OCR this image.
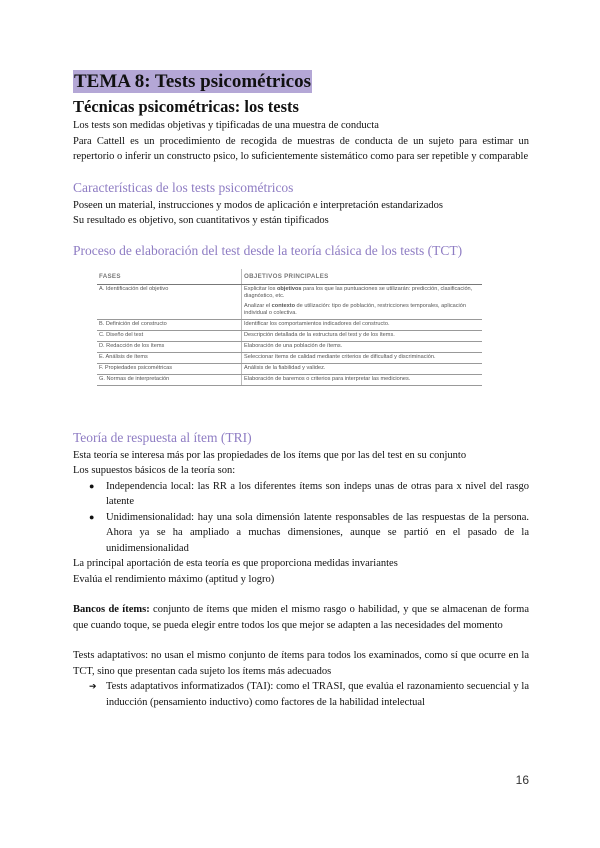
TEMA 8: Tests psicométricos
Técnicas psicométricas: los tests

Los tests son medidas objetivas y tipificadas de una muestra de conducta

Para Cattell es un procedimiento de recogida de muestras de conducta de un sujeto para estimar un repertorio o inferir un constructo psico, lo suficientemente sistemático como para ser repetible y comparable

Características de los tests psicométricos

Poseen un material, instrucciones y modos de aplicación e interpretación estandarizados

Su resultado es objetivo, son cuantitativos y están tipificados

Proceso de elaboración del test desde la teoría clásica de los tests (TCT)
FASES	OBJETIVOS PRINCIPALES
A. Identificación del objetivo	Explicitar los objetivos para los que las puntuaciones se utilizarán: predicción, clasificación, diagnóstico, etc.
Analizar el contexto de utilización: tipo de población, restricciones temporales, aplicación individual o colectiva.

B. Definición del constructo	Identificar los comportamientos indicadores del constructo.

C. Diseño del test	Descripción detallada de la estructura del test y de los ítems.

D. Redacción de los ítems	Elaboración de una población de ítems.

E. Análisis de ítems	Seleccionar ítems de calidad mediante criterios de dificultad y discriminación.

F. Propiedades psicométricas	Análisis de la fiabilidad y validez.

G. Normas de interpretación	Elaboración de baremos o criterios para interpretar las mediciones.
Teoría de respuesta al ítem (TRI)

Esta teoría se interesa más por las propiedades de los ítems que por las del test en su conjunto

Los supuestos básicos de la teoría son:

● Independencia local: las RR a los diferentes ítems son indeps unas de otras para x nivel del rasgo latente
● Unidimensionalidad: hay una sola dimensión latente responsables de las respuestas de la persona. Ahora ya se ha ampliado a muchas dimensiones, aunque se partió en el pasado de la unidimensionalidad

La principal aportación de esta teoría es que proporciona medidas invariantes

Evalúa el rendimiento máximo (aptitud y logro)

Bancos de ítems: conjunto de ítems que miden el mismo rasgo o habilidad, y que se almacenan de forma que cuando toque, se pueda elegir entre todos los que mejor se adapten a las necesidades del momento

Tests adaptativos: no usan el mismo conjunto de ítems para todos los examinados, como sí que ocurre en la TCT, sino que presentan cada sujeto los ítems más adecuados

➔ Tests adaptativos informatizados (TAI): como el TRASI, que evalúa el razonamiento secuencial y la inducción (pensamiento inductivo) como factores de la habilidad intelectual
16
